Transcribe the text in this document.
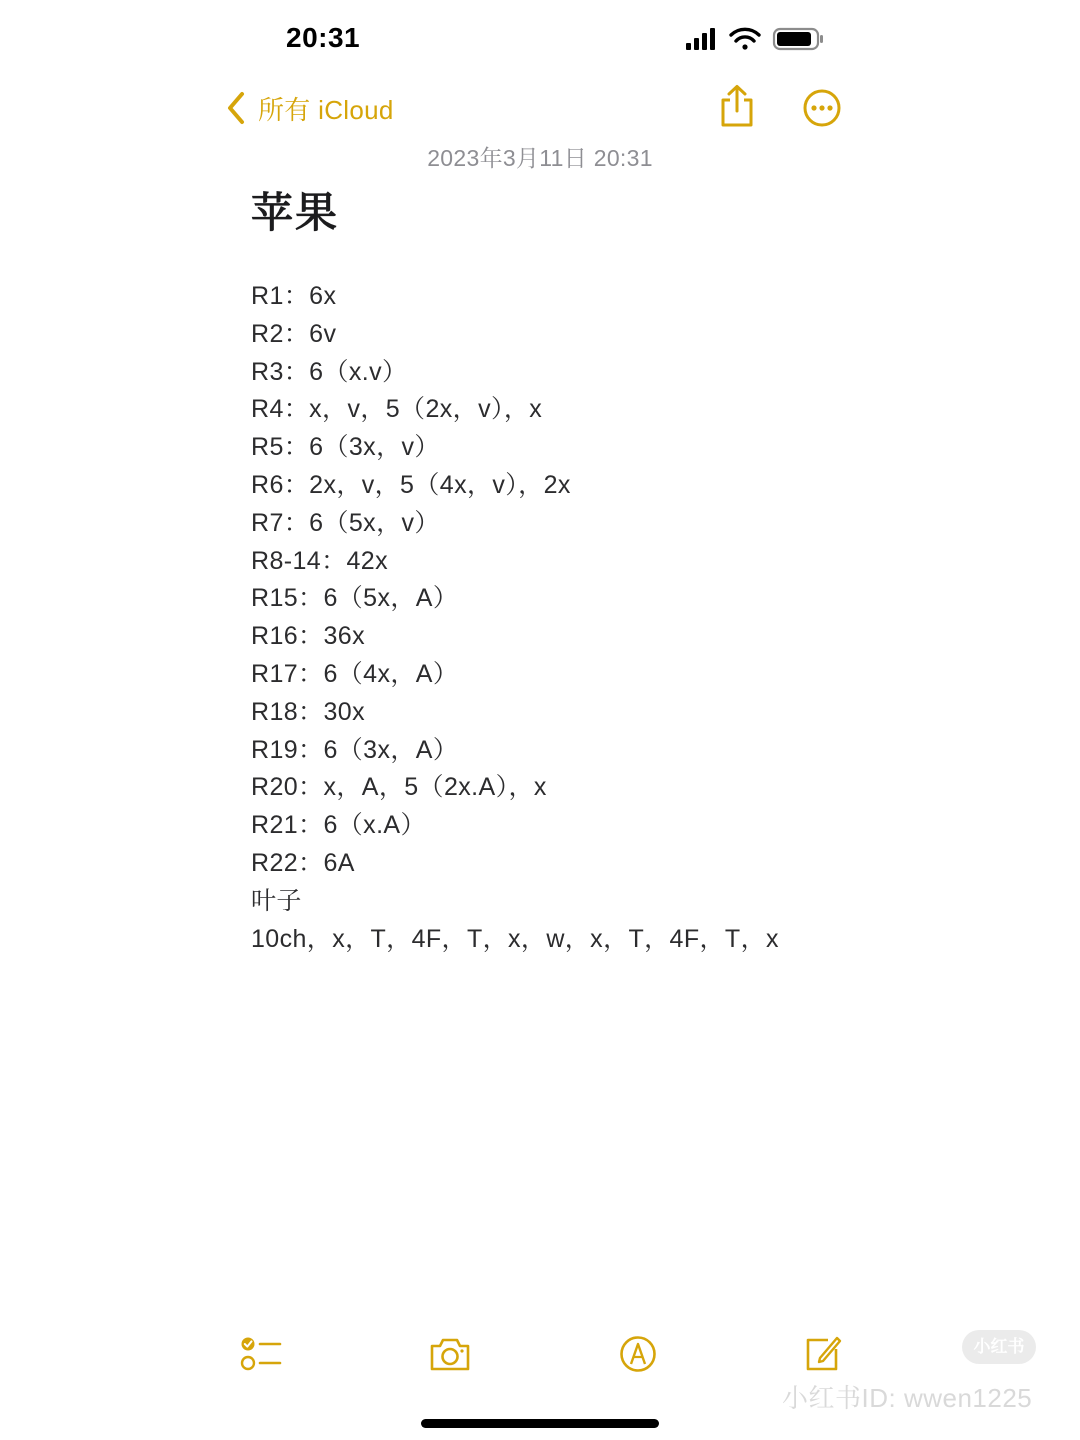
20:31
所有 iCloud
2023年3月11日 20:31
苹果
R1：6x
R2：6v
R3：6（x.v）
R4：x，v，5（2x，v），x
R5：6（3x，v）
R6：2x，v，5（4x，v），2x
R7：6（5x，v）
R8-14：42x
R15：6（5x，A）
R16：36x
R17：6（4x，A）
R18：30x
R19：6（3x，A）
R20：x，A，5（2x.A），x
R21：6（x.A）
R22：6A
叶子
10ch，x，T，4F，T，x，w，x，T，4F，T，x
小红书
小红书ID: wwen1225
